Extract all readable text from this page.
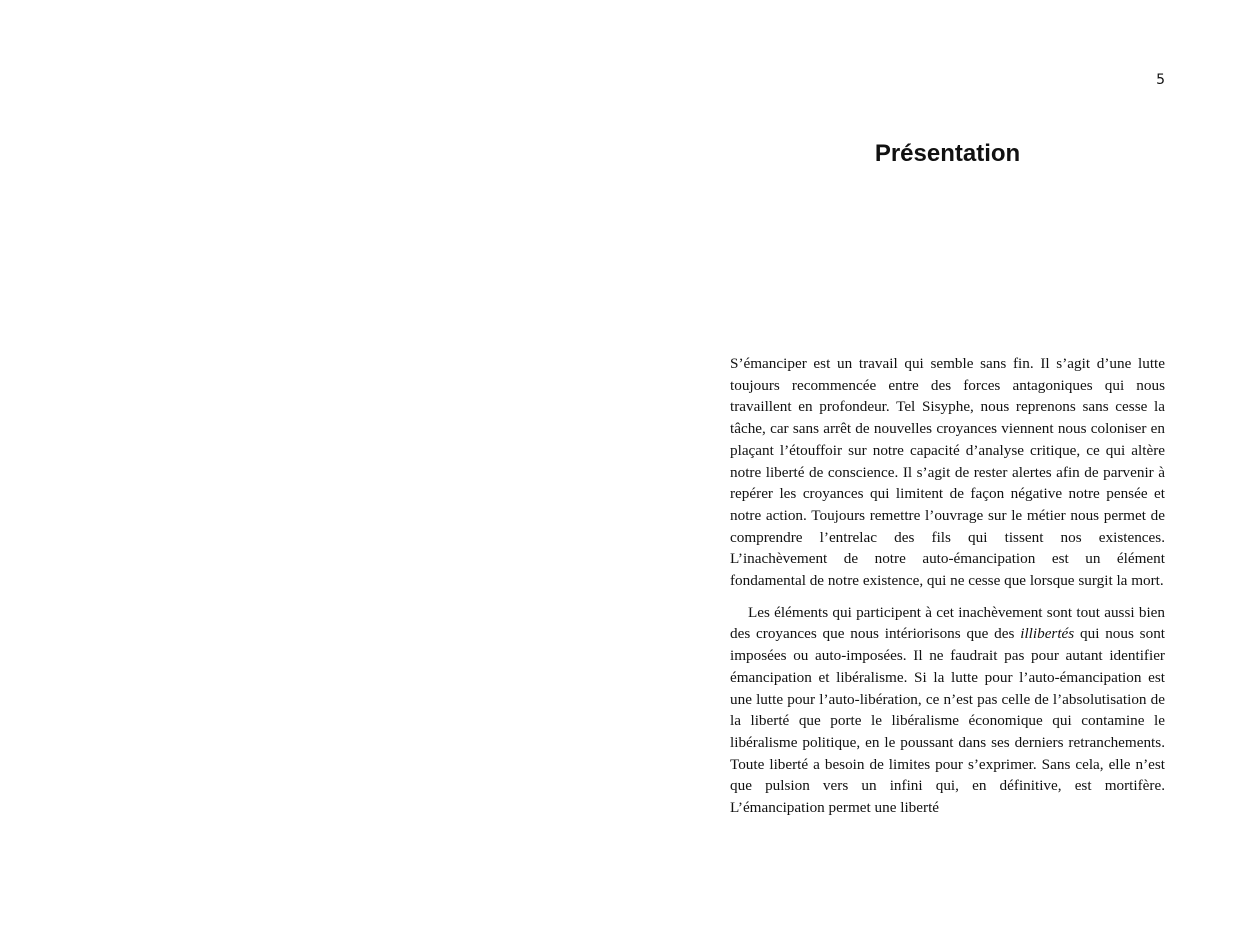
5
Présentation

S’émanciper est un travail qui semble sans fin. Il s’agit d’une lutte toujours recommencée entre des forces antagoniques qui nous travaillent en profondeur. Tel Sisyphe, nous reprenons sans cesse la tâche, car sans arrêt de nouvelles croyances viennent nous coloniser en plaçant l’étouffoir sur notre capacité d’analyse critique, ce qui altère notre liberté de conscience. Il s’agit de rester alertes afin de parvenir à repérer les croyances qui limitent de façon négative notre pensée et notre action. Toujours remettre l’ouvrage sur le métier nous permet de comprendre l’entrelac des fils qui tissent nos existences. L’inachèvement de notre auto-émancipation est un élément fondamental de notre existence, qui ne cesse que lorsque surgit la mort.

Les éléments qui participent à cet inachèvement sont tout aussi bien des croyances que nous intériorisons que des illibertés qui nous sont imposées ou auto-imposées. Il ne faudrait pas pour autant identifier émancipation et libéralisme. Si la lutte pour l’auto-émancipation est une lutte pour l’auto-libération, ce n’est pas celle de l’absolutisation de la liberté que porte le libéralisme économique qui contamine le libéralisme politique, en le poussant dans ses derniers retranchements. Toute liberté a besoin de limites pour s’exprimer. Sans cela, elle n’est que pulsion vers un infini qui, en définitive, est mortifère. L’émancipation permet une liberté
